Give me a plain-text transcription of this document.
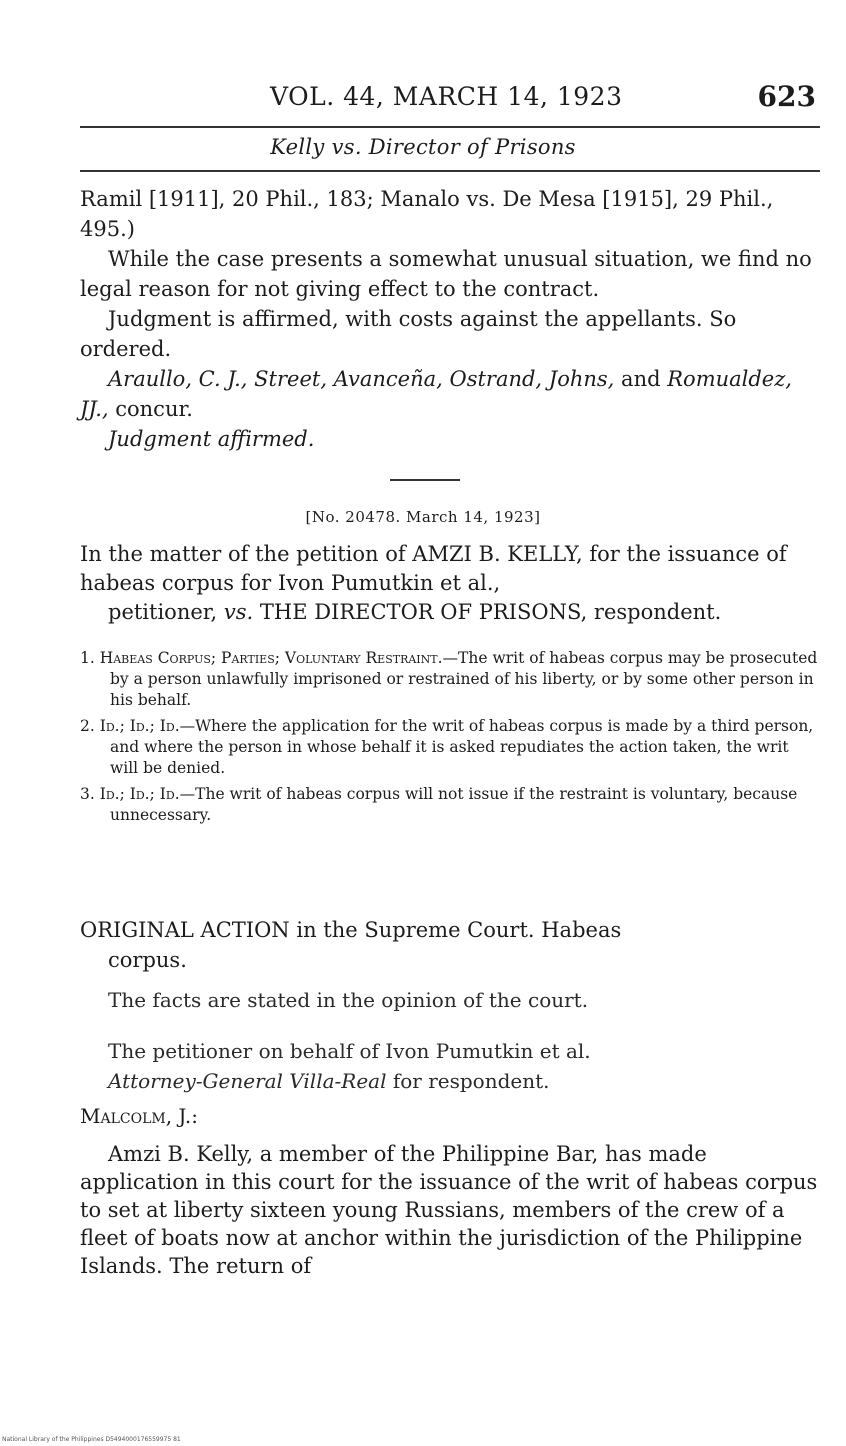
VOL. 44, MARCH 14, 1923	623
Kelly vs. Director of Prisons

Ramil [1911], 20 Phil., 183; Manalo vs. De Mesa [1915], 29 Phil., 495.)

While the case presents a somewhat unusual situation, we find no legal reason for not giving effect to the contract.

Judgment is affirmed, with costs against the appellants. So ordered.

Araullo, C. J., Street, Avanceña, Ostrand, Johns, and Romualdez, JJ., concur.

Judgment affirmed.

[No. 20478. March 14, 1923]
In the matter of the petition of AMZI B. KELLY, for the issuance of habeas corpus for Ivon Pumutkin et al.,
petitioner, vs. THE DIRECTOR OF PRISONS, respondent.

1. Habeas Corpus; Parties; Voluntary Restraint.—The writ of habeas corpus may be prosecuted by a person unlawfully imprisoned or restrained of his liberty, or by some other person in his behalf.

2. Id.; Id.; Id.—Where the application for the writ of habeas corpus is made by a third person, and where the person in whose behalf it is asked repudiates the action taken, the writ will be denied.

3. Id.; Id.; Id.—The writ of habeas corpus will not issue if the restraint is voluntary, because unnecessary.

ORIGINAL ACTION in the Supreme Court. Habeas
corpus.
The facts are stated in the opinion of the court.
The petitioner on behalf of Ivon Pumutkin et al.
Attorney-General Villa-Real for respondent.
Malcolm, J.:

Amzi B. Kelly, a member of the Philippine Bar, has made application in this court for the issuance of the writ of habeas corpus to set at liberty sixteen young Russians, members of the crew of a fleet of boats now at anchor within the jurisdiction of the Philippine Islands. The return of

National Library of the Philippines D5494000176559975 81
